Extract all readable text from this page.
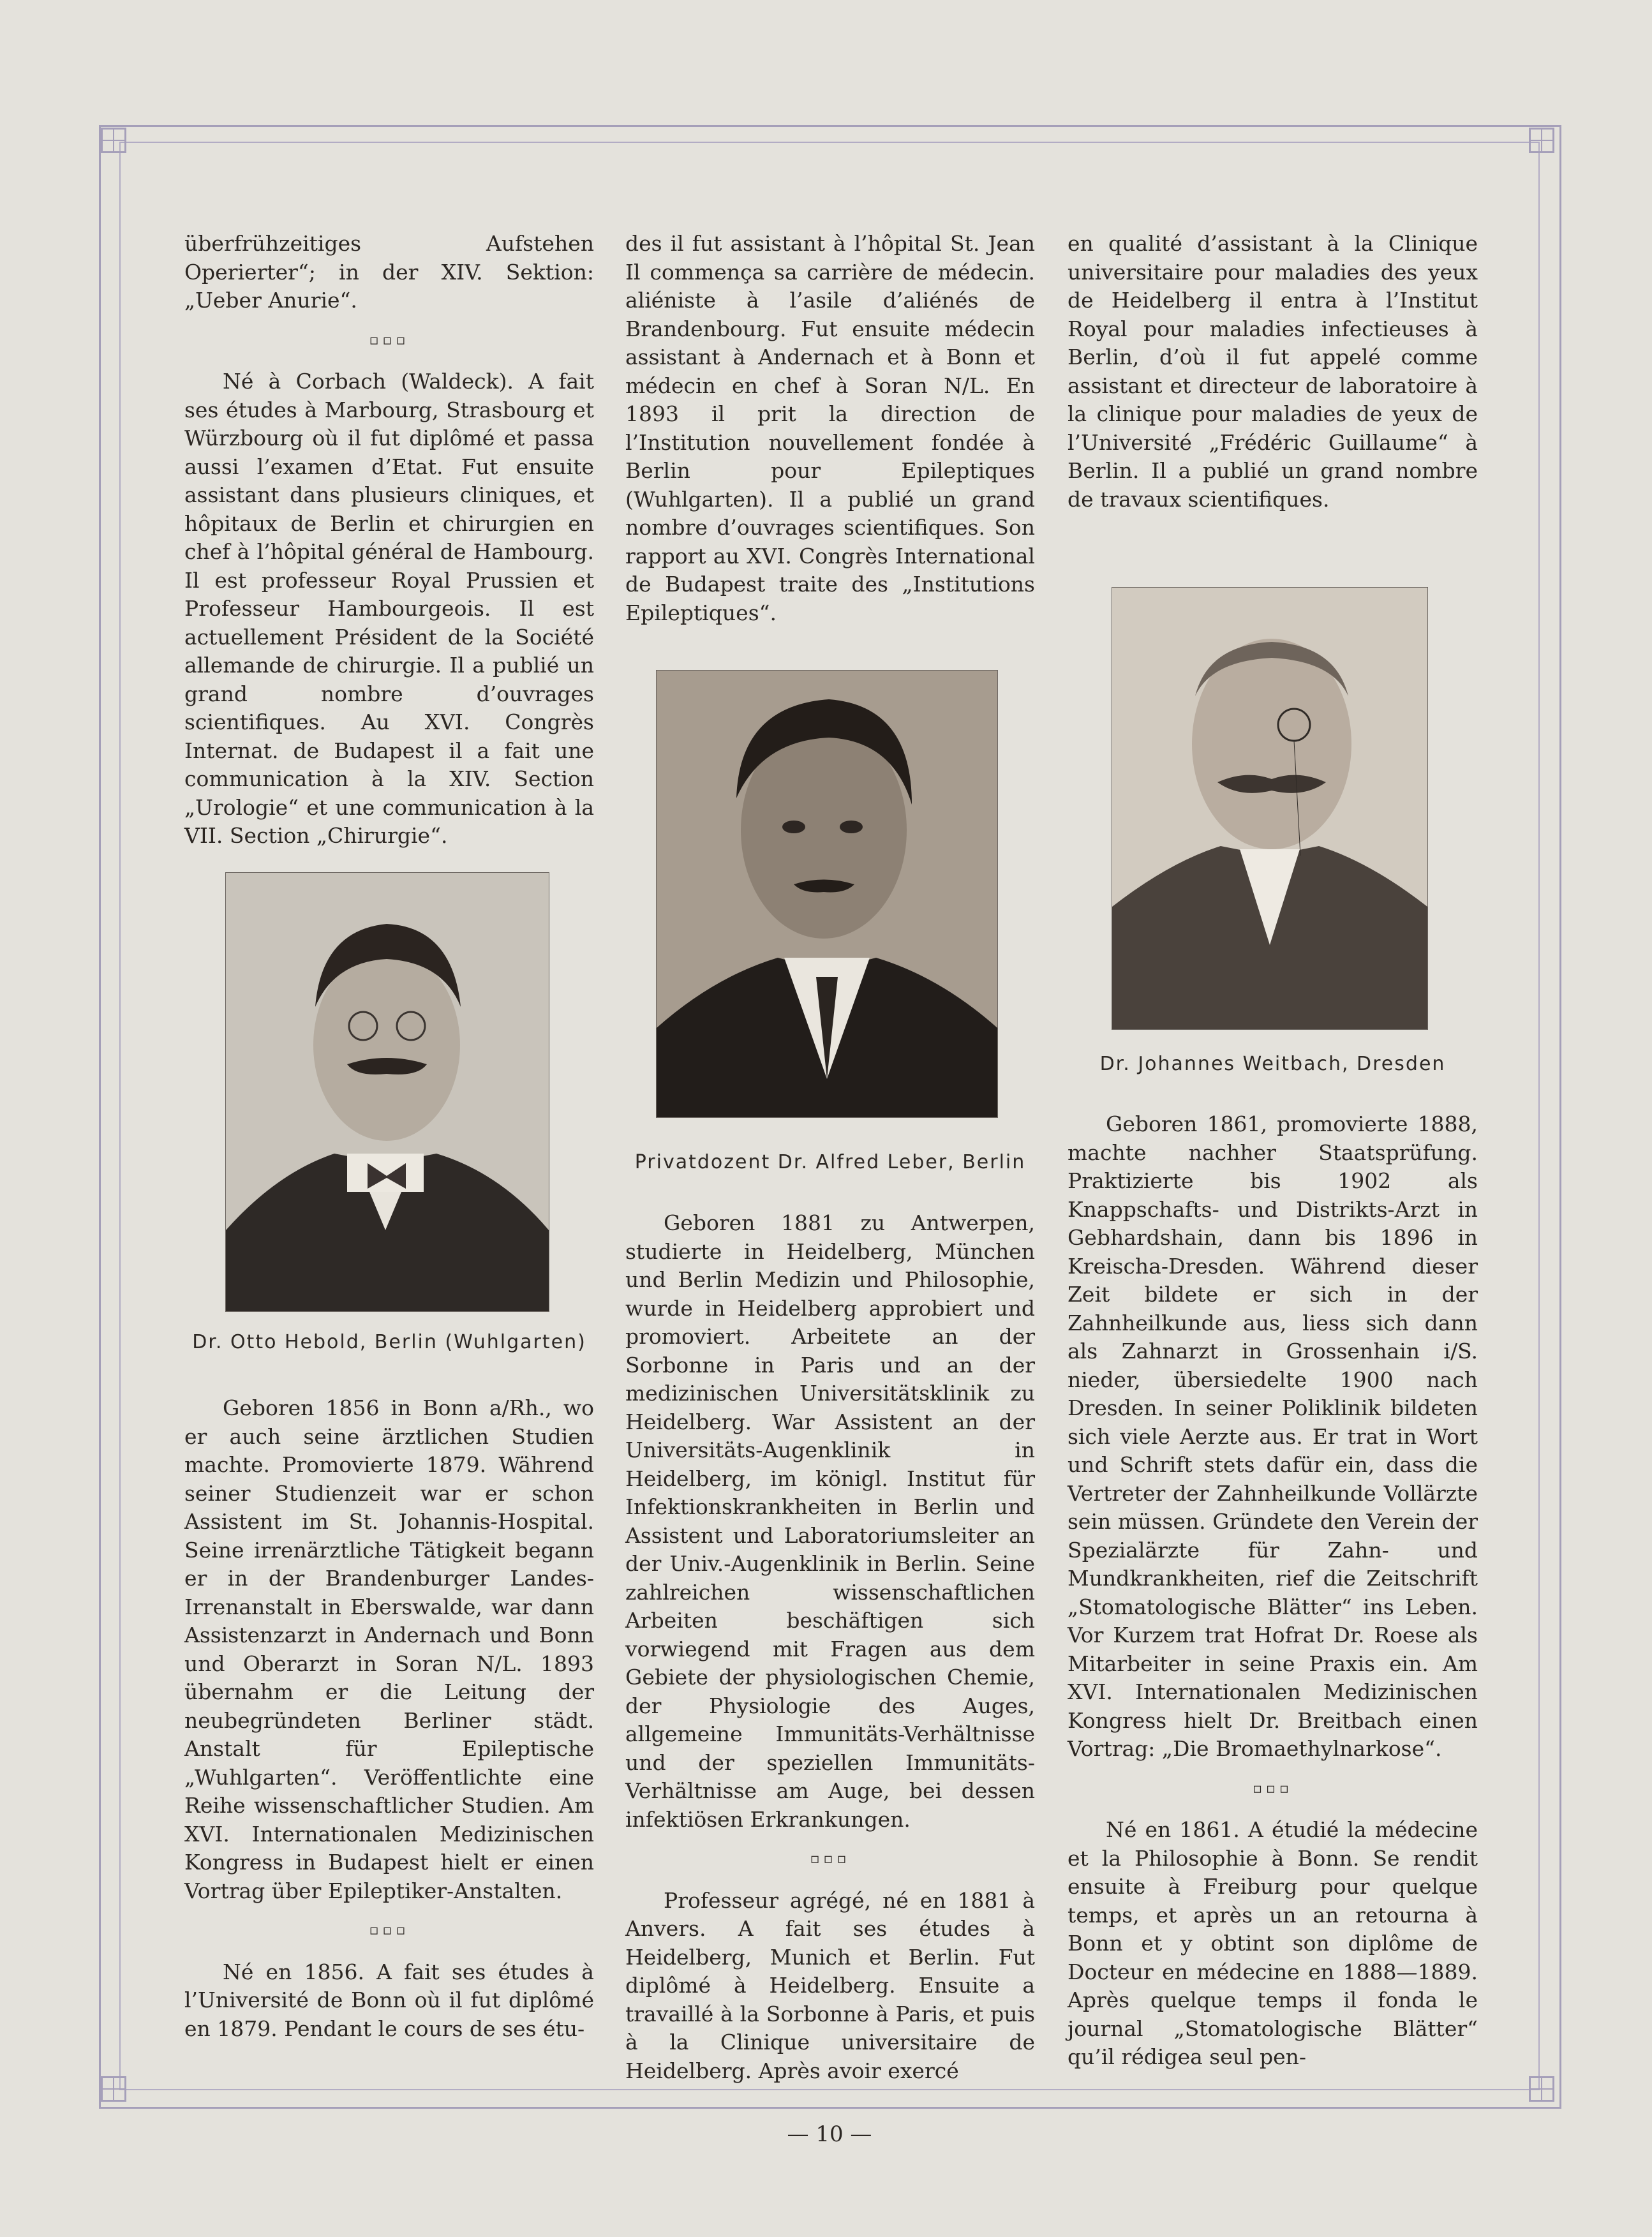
überfrühzeitiges Aufstehen Operierter“; in der XIV. Sektion: „Ueber Anurie“.

▫▫▫

Né à Corbach (Waldeck). A fait ses études à Marbourg, Strasbourg et Würzbourg où il fut diplômé et passa aussi l’examen d’Etat. Fut ensuite assistant dans plusieurs cliniques, et hôpitaux de Berlin et chirurgien en chef à l’hôpital général de Hambourg. Il est professeur Royal Prussien et Professeur Hambourgeois. Il est actuellement Président de la Société allemande de chirurgie. Il a publié un grand nombre d’ouvrages scientifiques. Au XVI. Congrès Internat. de Budapest il a fait une communication à la XIV. Section „Urologie“ et une communication à la VII. Section „Chirurgie“.

des il fut assistant à l’hôpital St. Jean Il commença sa carrière de médecin. aliéniste à l’asile d’aliénés de Brandenbourg. Fut ensuite médecin assistant à Andernach et à Bonn et médecin en chef à Soran N/L. En 1893 il prit la direction de l’Institution nouvellement fondée à Berlin pour Epileptiques (Wuhlgarten). Il a publié un grand nombre d’ouvrages scientifiques. Son rapport au XVI. Congrès International de Budapest traite des „Institutions Epileptiques“.

en qualité d’assistant à la Clinique universitaire pour maladies des yeux de Heidelberg il entra à l’Institut Royal pour maladies infectieuses à Berlin, d’où il fut appelé comme assistant et directeur de laboratoire à la clinique pour maladies de yeux de l’Université „Frédéric Guillaume“ à Berlin. Il a publié un grand nombre de travaux scientifiques.

Dr. Otto Hebold, Berlin (Wuhlgarten)
Privatdozent Dr. Alfred Leber, Berlin
Dr. Johannes Weitbach, Dresden

Geboren 1856 in Bonn a/Rh., wo er auch seine ärztlichen Studien machte. Promovierte 1879. Während seiner Studienzeit war er schon Assistent im St. Johannis-Hospital. Seine irrenärztliche Tätigkeit begann er in der Brandenburger Landes-Irrenanstalt in Eberswalde, war dann Assistenzarzt in Andernach und Bonn und Oberarzt in Soran N/L. 1893 übernahm er die Leitung der neubegründeten Berliner städt. Anstalt für Epileptische „Wuhlgarten“. Veröffentlichte eine Reihe wissenschaftlicher Studien. Am XVI. Internationalen Medizinischen Kongress in Budapest hielt er einen Vortrag über Epileptiker-Anstalten.

▫▫▫

Né en 1856. A fait ses études à l’Université de Bonn où il fut diplômé en 1879. Pendant le cours de ses étu-

Geboren 1881 zu Antwerpen, studierte in Heidelberg, München und Berlin Medizin und Philosophie, wurde in Heidelberg approbiert und promoviert. Arbeitete an der Sorbonne in Paris und an der medizinischen Universitätsklinik zu Heidelberg. War Assistent an der Universitäts-Augenklinik in Heidelberg, im königl. Institut für Infektionskrankheiten in Berlin und Assistent und Laboratoriumsleiter an der Univ.-Augenklinik in Berlin. Seine zahlreichen wissenschaftlichen Arbeiten beschäftigen sich vorwiegend mit Fragen aus dem Gebiete der physiologischen Chemie, der Physiologie des Auges, allgemeine Immunitäts-Verhältnisse und der speziellen Immunitäts-Verhältnisse am Auge, bei dessen infektiösen Erkrankungen.

▫▫▫

Professeur agrégé, né en 1881 à Anvers. A fait ses études à Heidelberg, Munich et Berlin. Fut diplômé à Heidelberg. Ensuite a travaillé à la Sorbonne à Paris, et puis à la Clinique universitaire de Heidelberg. Après avoir exercé

Geboren 1861, promovierte 1888, machte nachher Staatsprüfung. Praktizierte bis 1902 als Knappschafts- und Distrikts-Arzt in Gebhardshain, dann bis 1896 in Kreischa-Dresden. Während dieser Zeit bildete er sich in der Zahnheilkunde aus, liess sich dann als Zahnarzt in Grossenhain i/S. nieder, übersiedelte 1900 nach Dresden. In seiner Poliklinik bildeten sich viele Aerzte aus. Er trat in Wort und Schrift stets dafür ein, dass die Vertreter der Zahnheilkunde Vollärzte sein müssen. Gründete den Verein der Spezialärzte für Zahn- und Mundkrankheiten, rief die Zeitschrift „Stomatologische Blätter“ ins Leben. Vor Kurzem trat Hofrat Dr. Roese als Mitarbeiter in seine Praxis ein. Am XVI. Internationalen Medizinischen Kongress hielt Dr. Breitbach einen Vortrag: „Die Bromaethylnarkose“.

▫▫▫

Né en 1861. A étudié la médecine et la Philosophie à Bonn. Se rendit ensuite à Freiburg pour quelque temps, et après un an retourna à Bonn et y obtint son diplôme de Docteur en médecine en 1888—1889. Après quelque temps il fonda le journal „Stomatologische Blätter“ qu’il rédigea seul pen-

— 10 —
